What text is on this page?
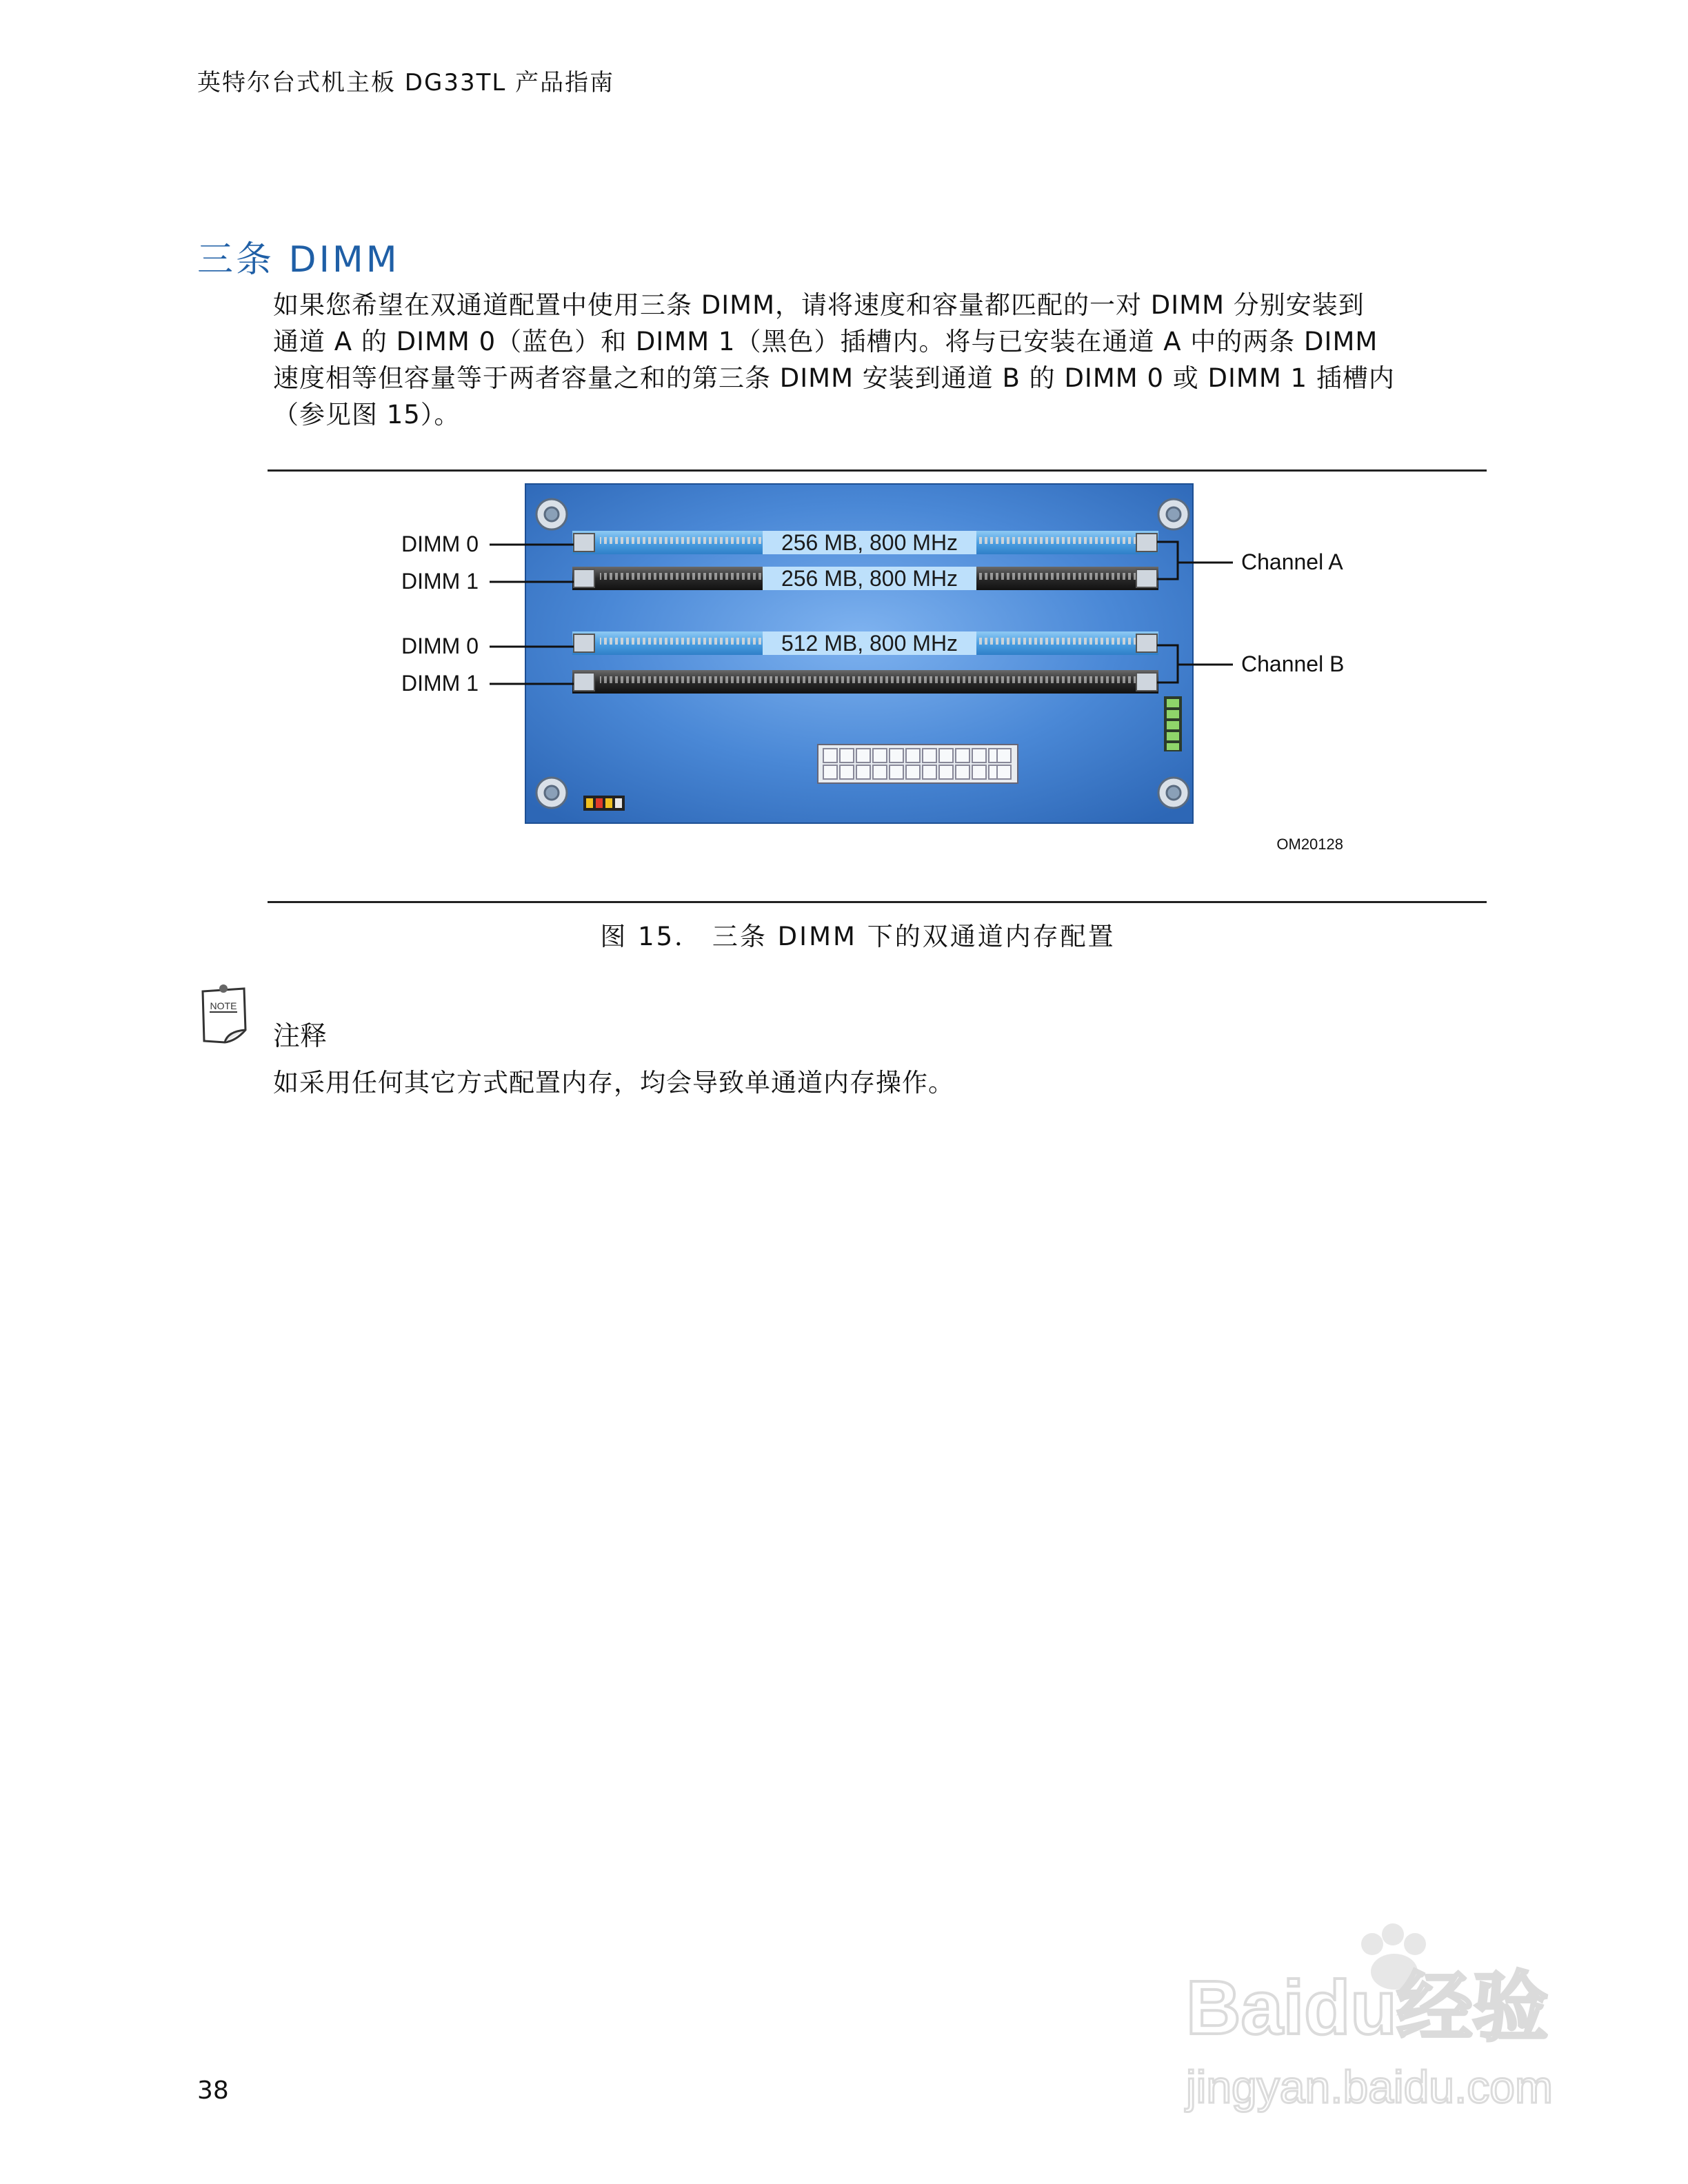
英特尔台式机主板 DG33TL 产品指南
三条 DIMM
如果您希望在双通道配置中使用三条 DIMM，请将速度和容量都匹配的一对 DIMM 分别安装到
通道 A 的 DIMM 0（蓝色）和 DIMM 1（黑色）插槽内。将与已安装在通道 A 中的两条 DIMM
速度相等但容量等于两者容量之和的第三条 DIMM 安装到通道 B 的 DIMM 0 或 DIMM 1 插槽内
（参见图 15）。
256 MB, 800 MHz
256 MB, 800 MHz
512 MB, 800 MHz
DIMM 0
DIMM 1
DIMM 0
DIMM 1
Channel A
Channel B
OM20128
图 15． 三条 DIMM 下的双通道内存配置
NOTE
注释
如采用任何其它方式配置内存，均会导致单通道内存操作。
38
Baidu经验
jingyan.baidu.com
